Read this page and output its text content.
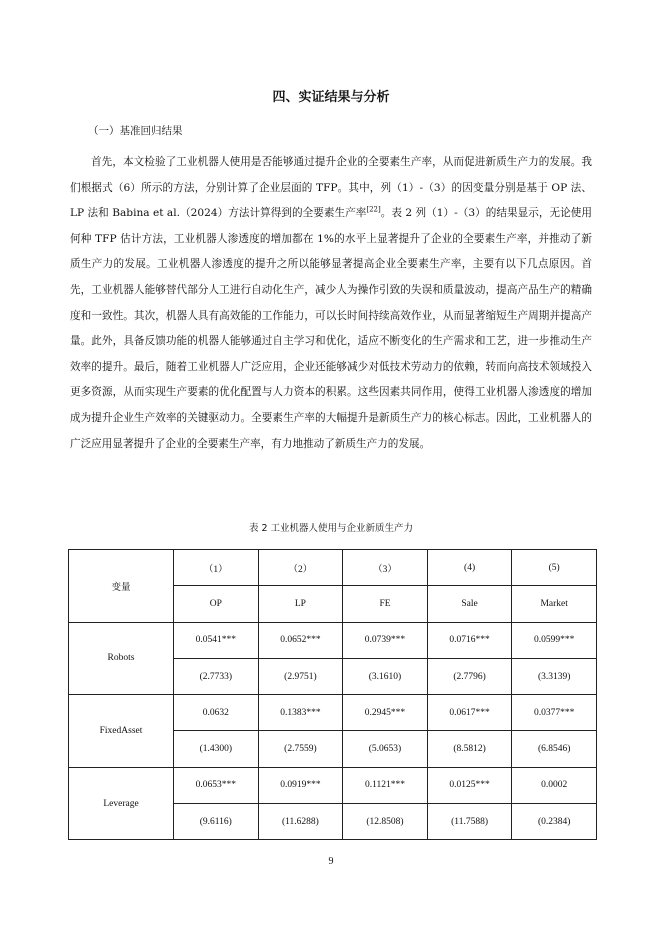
四、实证结果与分析
（一）基准回归结果

首先，本文检验了工业机器人使用是否能够通过提升企业的全要素生产率，从而促进新质生产力的发展。我们根据式（6）所示的方法，分别计算了企业层面的 TFP。其中，列（1）-（3）的因变量分别是基于 OP 法、LP 法和 Babina et al.（2024）方法计算得到的全要素生产率[22]。表 2 列（1）-（3）的结果显示，无论使用何种 TFP 估计方法，工业机器人渗透度的增加都在 1%的水平上显著提升了企业的全要素生产率，并推动了新质生产力的发展。工业机器人渗透度的提升之所以能够显著提高企业全要素生产率，主要有以下几点原因。首先，工业机器人能够替代部分人工进行自动化生产，减少人为操作引致的失误和质量波动，提高产品生产的精确度和一致性。其次，机器人具有高效能的工作能力，可以长时间持续高效作业，从而显著缩短生产周期并提高产量。此外，具备反馈功能的机器人能够通过自主学习和优化，适应不断变化的生产需求和工艺，进一步推动生产效率的提升。最后，随着工业机器人广泛应用，企业还能够减少对低技术劳动力的依赖，转而向高技术领域投入更多资源，从而实现生产要素的优化配置与人力资本的积累。这些因素共同作用，使得工业机器人渗透度的增加成为提升企业生产效率的关键驱动力。全要素生产率的大幅提升是新质生产力的核心标志。因此，工业机器人的广泛应用显著提升了企业的全要素生产率，有力地推动了新质生产力的发展。

表 2 工业机器人使用与企业新质生产力
变量	（1）	（2）	（3）	(4)	(5)
	OP	LP	FE	Sale	Market
Robots	0.0541***	0.0652***	0.0739***	0.0716***	0.0599***
	(2.7733)	(2.9751)	(3.1610)	(2.7796)	(3.3139)
FixedAsset	0.0632	0.1383***	0.2945***	0.0617***	0.0377***
	(1.4300)	(2.7559)	(5.0653)	(8.5812)	(6.8546)
Leverage	0.0653***	0.0919***	0.1121***	0.0125***	0.0002
	(9.6116)	(11.6288)	(12.8508)	(11.7588)	(0.2384)
9
